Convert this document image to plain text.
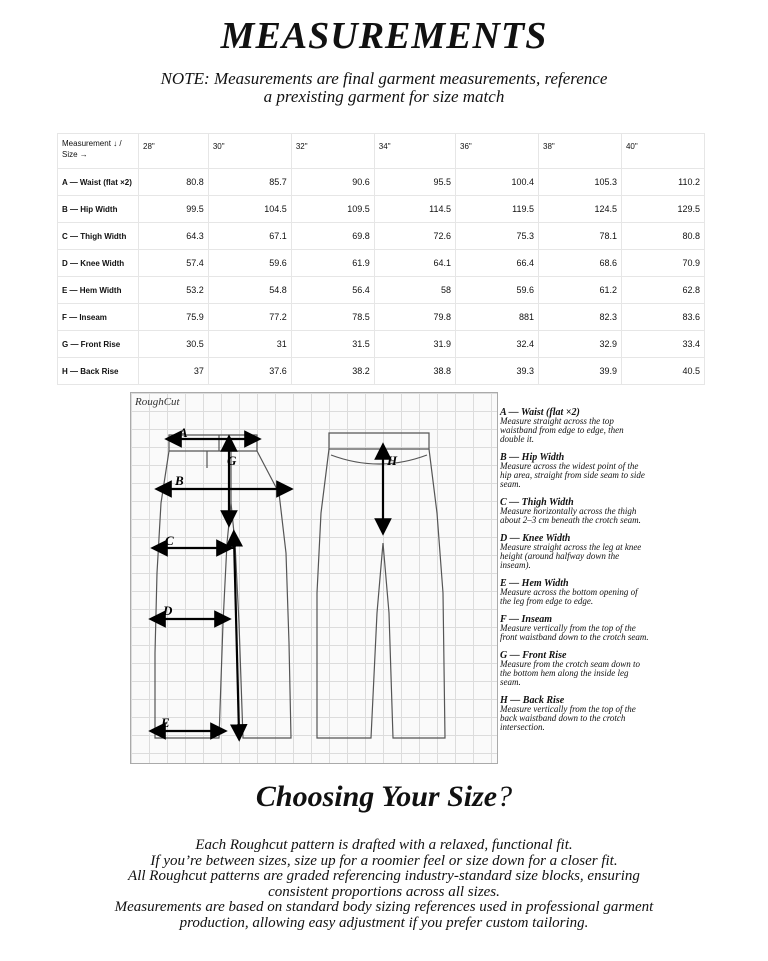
MEASUREMENTS
NOTE: Measurements are final garment measurements, reference
a prexisting garment for size match
Measurement ↓ / Size →	28"	30"	32"	34"	36"	38"	40"
A — Waist (flat ×2)	80.8	85.7	90.6	95.5	100.4	105.3	110.2
B — Hip Width	99.5	104.5	109.5	114.5	119.5	124.5	129.5
C — Thigh Width	64.3	67.1	69.8	72.6	75.3	78.1	80.8
D — Knee Width	57.4	59.6	61.9	64.1	66.4	68.6	70.9
E — Hem Width	53.2	54.8	56.4	58	59.6	61.2	62.8
F — Inseam	75.9	77.2	78.5	79.8	881	82.3	83.6
G — Front Rise	30.5	31	31.5	31.9	32.4	32.9	33.4
H — Back Rise	37	37.6	38.2	38.8	39.3	39.9	40.5
RoughCut
A
B
C
D
E
F
G	H
A — Waist (flat ×2)
Measure straight across the top waistband from edge to edge, then double it.
B — Hip Width
Measure across the widest point of the hip area, straight from side seam to side seam.
C — Thigh Width
Measure horizontally across the thigh about 2–3 cm beneath the crotch seam.
D — Knee Width
Measure straight across the leg at knee height (around halfway down the inseam).
E — Hem Width
Measure across the bottom opening of the leg from edge to edge.
F — Inseam
Measure vertically from the top of the front waistband down to the crotch seam.
G — Front Rise
Measure from the crotch seam down to the bottom hem along the inside leg seam.
H — Back Rise
Measure vertically from the top of the back waistband down to the crotch intersection.
Choosing Your Size?
Each Roughcut pattern is drafted with a relaxed, functional fit.
If you’re between sizes, size up for a roomier feel or size down for a closer fit.
All Roughcut patterns are graded referencing industry-standard size blocks, ensuring
consistent proportions across all sizes.
Measurements are based on standard body sizing references used in professional garment
production, allowing easy adjustment if you prefer custom tailoring.
